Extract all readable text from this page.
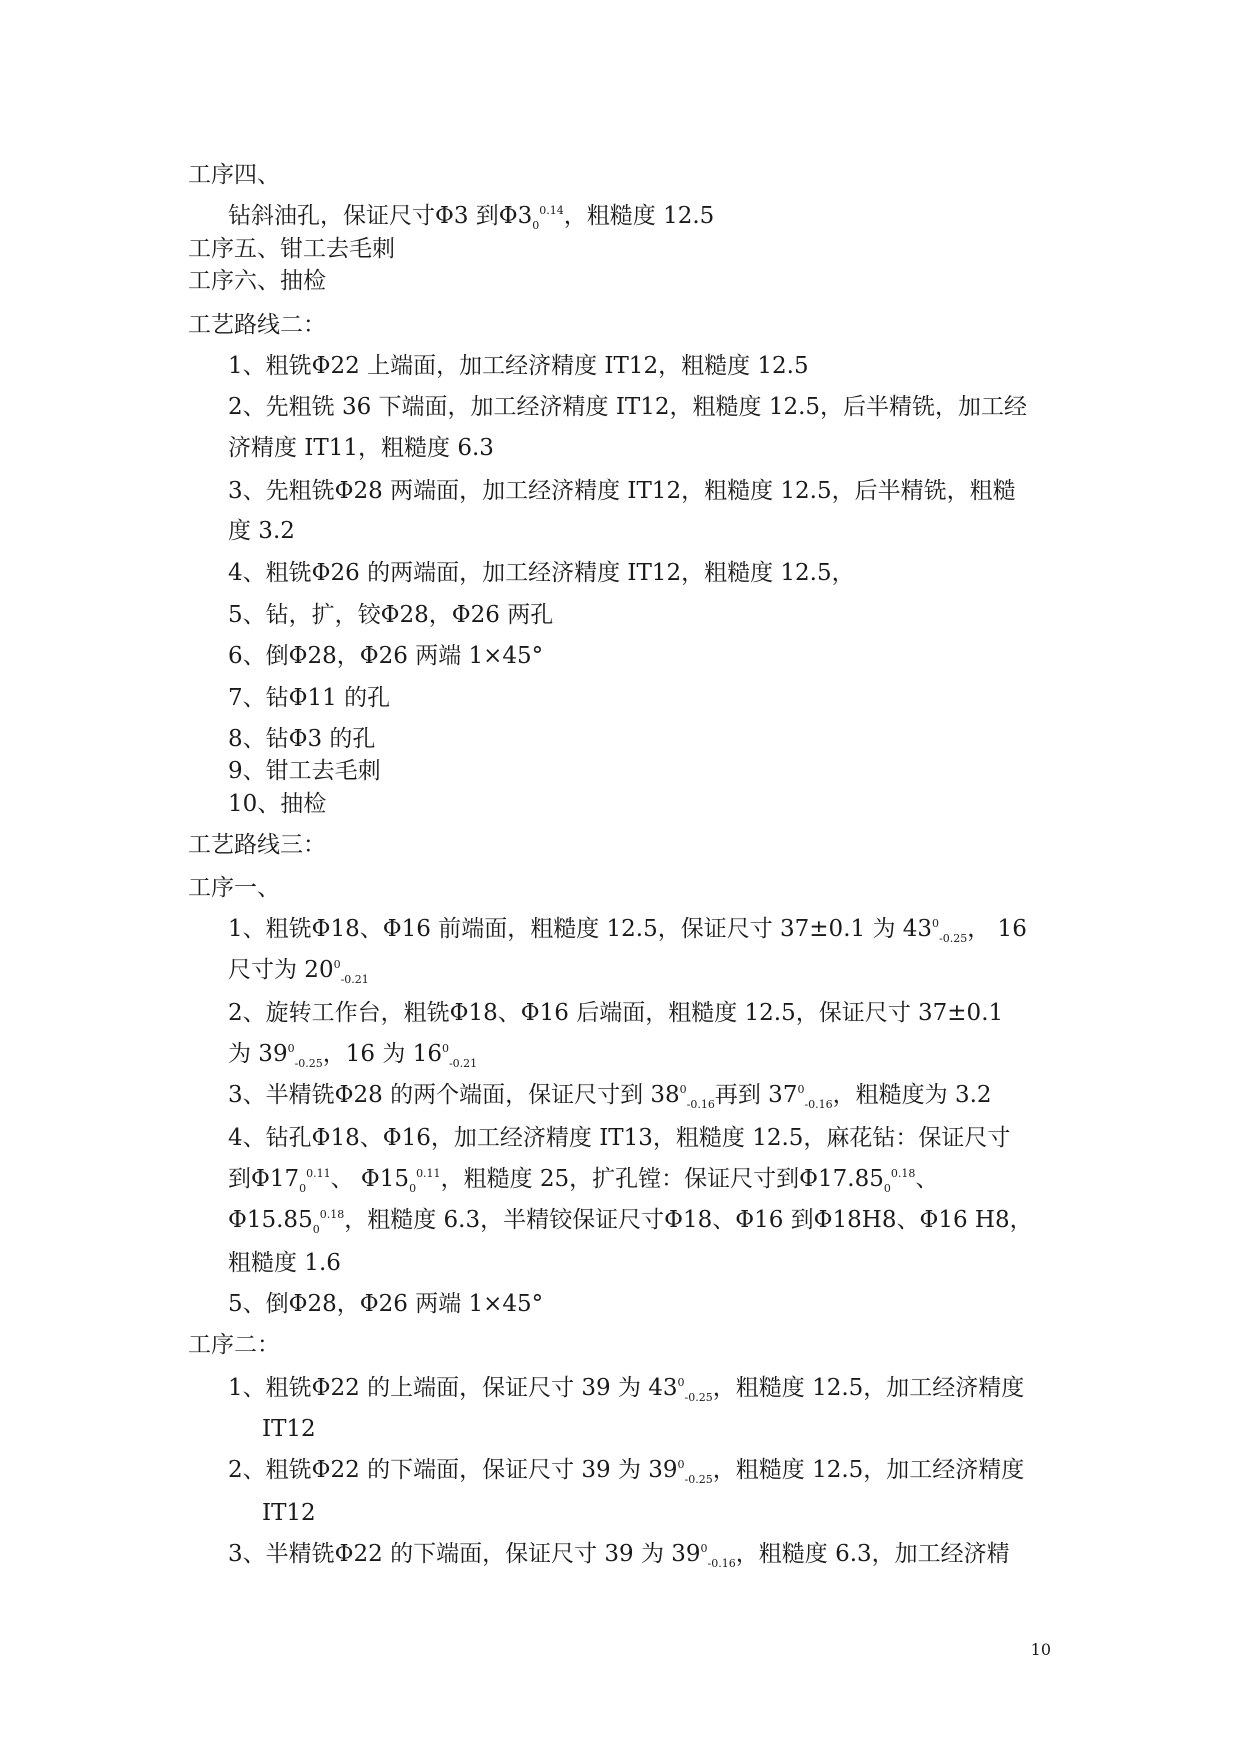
工序四、
钻斜油孔，保证尺寸Φ3 到$\Phi 3_0^{0.14}$，粗糙度 12.5
工序五、钳工去毛刺
工序六、抽检
工艺路线二：
1、粗铣Φ22 上端面，加工经济精度 IT12，粗糙度 12.5
2、先粗铣 36 下端面，加工经济精度 IT12，粗糙度 12.5，后半精铣，加工经
济精度 IT11，粗糙度 6.3
3、先粗铣Φ28 两端面，加工经济精度 IT12，粗糙度 12.5，后半精铣，粗糙
度 3.2
4、粗铣Φ26 的两端面，加工经济精度 IT12，粗糙度 12.5，
5、钻，扩，铰Φ28，Φ26 两孔
6、倒Φ28，Φ26 两端 1×45°
7、钻Φ11 的孔
8、钻Φ3 的孔
9、钳工去毛刺
10、抽检
工艺路线三：
工序一、
1、粗铣Φ18、Φ16 前端面，粗糙度 12.5，保证尺寸 37±0.1 为 $43^0_{-0.25}$， 16
尺寸为 $20^0_{-0.21}$
2、旋转工作台，粗铣Φ18、Φ16 后端面，粗糙度 12.5，保证尺寸 37±0.1
为 $39^0_{-0.25}$，16 为 $16^0_{-0.21}$
3、半精铣Φ28 的两个端面，保证尺寸到 $38^0_{-0.16}$再到 $37^0_{-0.16}$，粗糙度为 3.2
4、钻孔Φ18、Φ16，加工经济精度 IT13，粗糙度 12.5，麻花钻：保证尺寸
到$\Phi 17_0^{0.11}$、 $\Phi 15_0^{0.11}$，粗糙度 25，扩孔镗：保证尺寸到$\Phi 17.85_0^{0.18}$、
$\Phi 15.85_0^{0.18}$，粗糙度 6.3，半精铰保证尺寸Φ18、Φ16 到Φ18H8、Φ16 H8，
粗糙度 1.6
5、倒Φ28，Φ26 两端 1×45°
工序二：
1、粗铣Φ22 的上端面，保证尺寸 39 为 $43^0_{-0.25}$，粗糙度 12.5，加工经济精度
IT12
2、粗铣Φ22 的下端面，保证尺寸 39 为 $39^0_{-0.25}$，粗糙度 12.5，加工经济精度
IT12
3、半精铣Φ22 的下端面，保证尺寸 39 为 $39^0_{-0.16}$，粗糙度 6.3，加工经济精
10
